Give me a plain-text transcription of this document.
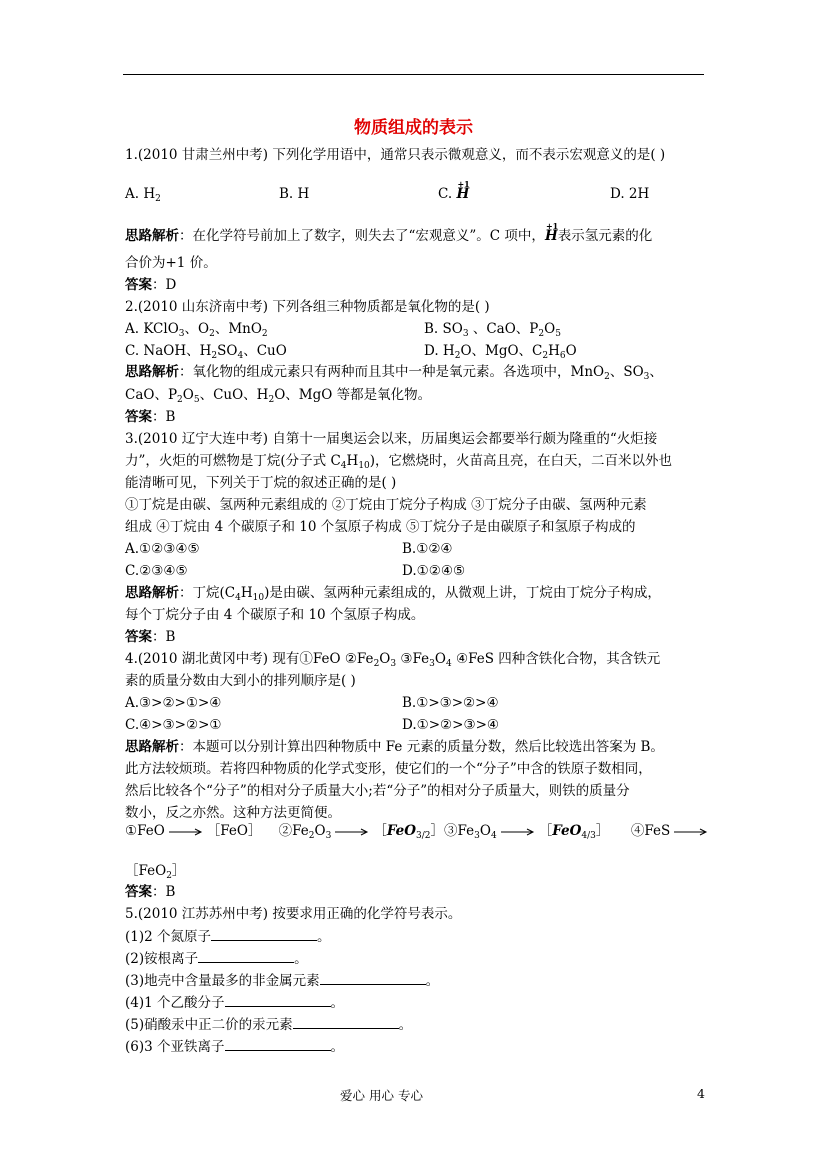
物质组成的表示
1.(2010 甘肃兰州中考) 下列化学用语中，通常只表示微观意义，而不表示宏观意义的是( )
A. $H_2$	B. H	C.
+1
H	D. 2H
思路解析：在化学符号前加上了数字，则失去了“宏观意义”。C 项中，
+1
H表示氢元素的化
合价为+1 价。
答案：D
2.(2010 山东济南中考) 下列各组三种物质都是氧化物的是( )
A. KClO$_3$、$O_2$、MnO$_2$	B. $SO_3$ 、CaO、$P_2O_5$
C. NaOH、$H_2SO_4$、CuO	D. $H_2O$、MgO、$C_2H_6O$
思路解析：氧化物的组成元素只有两种而且其中一种是氧元素。各选项中，MnO$_2$、$SO_3$、
CaO、$P_2O_5$、CuO、$H_2O$、MgO 等都是氧化物。
答案：B
3.(2010 辽宁大连中考) 自第十一届奥运会以来，历届奥运会都要举行颇为隆重的“火炬接
力”，火炬的可燃物是丁烷(分子式 $C_4H_{10}$)，它燃烧时，火苗高且亮，在白天，二百米以外也
能清晰可见，下列关于丁烷的叙述正确的是( )
①丁烷是由碳、氢两种元素组成的 ②丁烷由丁烷分子构成 ③丁烷分子由碳、氢两种元素
组成 ④丁烷由 4 个碳原子和 10 个氢原子构成 ⑤丁烷分子是由碳原子和氢原子构成的
A.①②③④⑤	B.①②④
C.②③④⑤	D.①②④⑤
思路解析：丁烷$(C_4H_{10})$是由碳、氢两种元素组成的，从微观上讲，丁烷由丁烷分子构成，
每个丁烷分子由 4 个碳原子和 10 个氢原子构成。
答案：B
4.(2010 湖北黄冈中考) 现有①FeO $②Fe_2O_3$ $③Fe_3O_4$ ④FeS 四种含铁化合物，其含铁元
素的质量分数由大到小的排列顺序是( )
A.③>②>①>④	B.①>③>②>④
C.④>③>②>①	D.①>②>③>④
思路解析：本题可以分别计算出四种物质中 Fe 元素的质量分数，然后比较选出答案为 B。
此方法较烦琐。若将四种物质的化学式变形，使它们的一个“分子”中含的铁原子数相同，
然后比较各个“分子”的相对分子质量大小;若“分子”的相对分子质量大，则铁的质量分
数小，反之亦然。这种方法更简便。
①FeO	［FeO］ $②Fe_2O_3$	$[FeO_{3/2}]③Fe_3O_4$	［FeO$_{4/3}$］     ④FeS
［FeO$_2$］
答案：B
5.(2010 江苏苏州中考) 按要求用正确的化学符号表示。
(1)2 个氮原子	。
(2)铵根离子	。
(3)地壳中含量最多的非金属元素	。
(4)1 个乙酸分子	。
(5)硝酸汞中正二价的汞元素	。
(6)3 个亚铁离子	。
爱心 用心 专心	4
